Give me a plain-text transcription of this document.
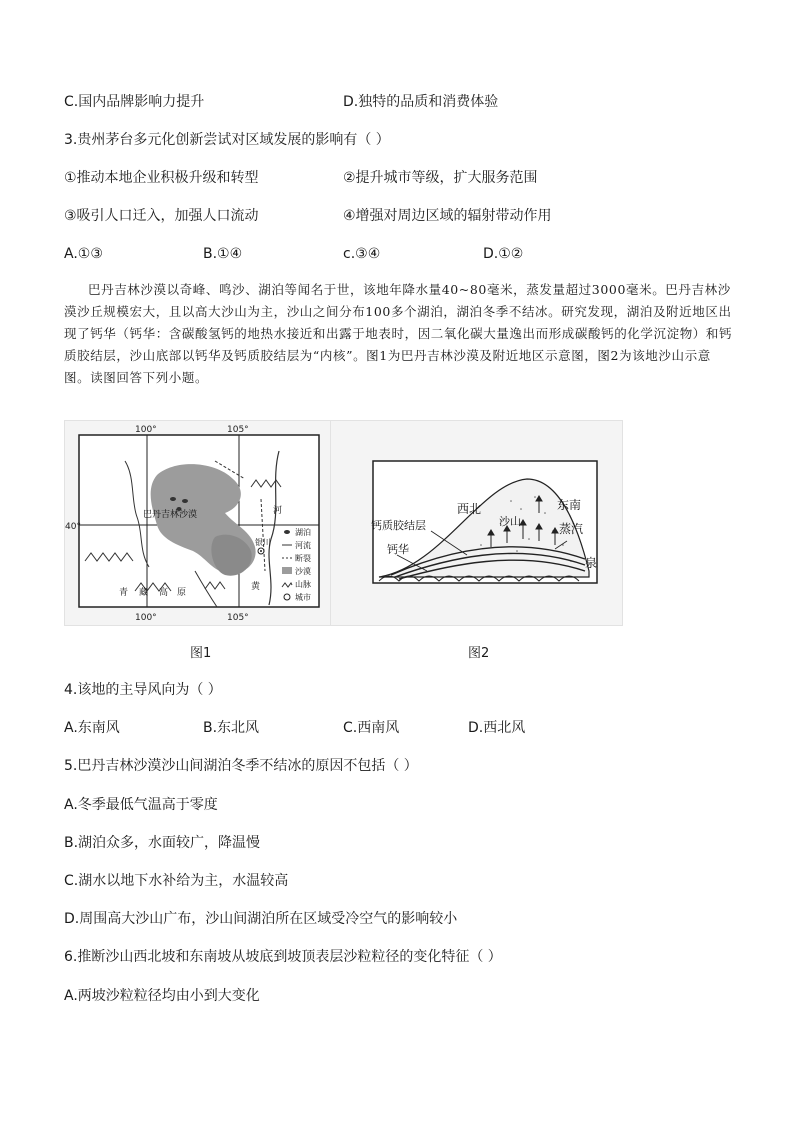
C.国内品牌影响力提升	D.独特的品质和消费体验
3.贵州茅台多元化创新尝试对区域发展的影响有（ ）
①推动本地企业积极升级和转型	②提升城市等级，扩大服务范围
③吸引人口迁入，加强人口流动	④增强对周边区域的辐射带动作用
A.①③	B.①④	c.③④	D.①②

巴丹吉林沙漠以奇峰、鸣沙、湖泊等闻名于世，该地年降水量40~80毫米，蒸发量超过3000毫米。巴丹吉林沙漠沙丘规模宏大，且以高大沙山为主，沙山之间分布100多个湖泊，湖泊冬季不结冰。研究发现，湖泊及附近地区出现了钙华（钙华：含碳酸氢钙的地热水接近和出露于地表时，因二氧化碳大量逸出而形成碳酸钙的化学沉淀物）和钙质胶结层，沙山底部以钙华及钙质胶结层为“内核”。图1为巴丹吉林沙漠及附近地区示意图，图2为该地沙山示意图。读图回答下列小题。

100°	105°
100°	105°
40°
巴丹吉林沙漠
青 藏 高 原
河
黄
银川
湖泊
河流
断裂
沙漠
山脉
城市
西北	东南
沙山
蒸汽
钙质胶结层
钙华
泉
图1	图2
4.该地的主导风向为（ ）
A.东南风	B.东北风	C.西南风	D.西北风
5.巴丹吉林沙漠沙山间湖泊冬季不结冰的原因不包括（ ）
A.冬季最低气温高于零度
B.湖泊众多，水面较广，降温慢
C.湖水以地下水补给为主，水温较高
D.周围高大沙山广布，沙山间湖泊所在区域受冷空气的影响较小
6.推断沙山西北坡和东南坡从坡底到坡顶表层沙粒粒径的变化特征（ ）
A.两坡沙粒粒径均由小到大变化
